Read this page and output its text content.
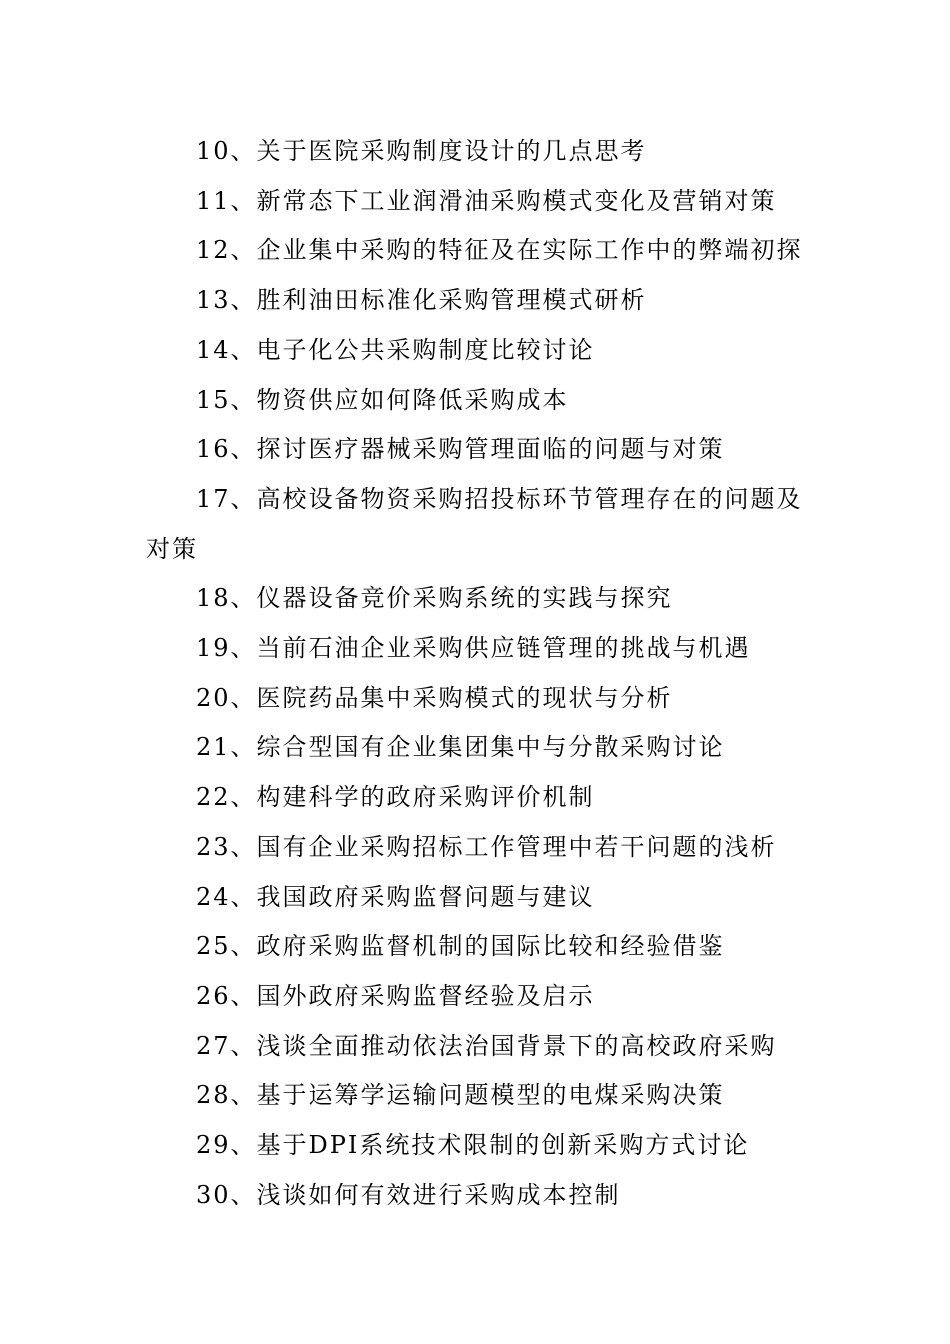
10、关于医院采购制度设计的几点思考
11、新常态下工业润滑油采购模式变化及营销对策
12、企业集中采购的特征及在实际工作中的弊端初探
13、胜利油田标准化采购管理模式研析
14、电子化公共采购制度比较讨论
15、物资供应如何降低采购成本
16、探讨医疗器械采购管理面临的问题与对策
17、高校设备物资采购招投标环节管理存在的问题及对策
18、仪器设备竞价采购系统的实践与探究
19、当前石油企业采购供应链管理的挑战与机遇
20、医院药品集中采购模式的现状与分析
21、综合型国有企业集团集中与分散采购讨论
22、构建科学的政府采购评价机制
23、国有企业采购招标工作管理中若干问题的浅析
24、我国政府采购监督问题与建议
25、政府采购监督机制的国际比较和经验借鉴
26、国外政府采购监督经验及启示
27、浅谈全面推动依法治国背景下的高校政府采购
28、基于运筹学运输问题模型的电煤采购决策
29、基于DPI系统技术限制的创新采购方式讨论
30、浅谈如何有效进行采购成本控制
